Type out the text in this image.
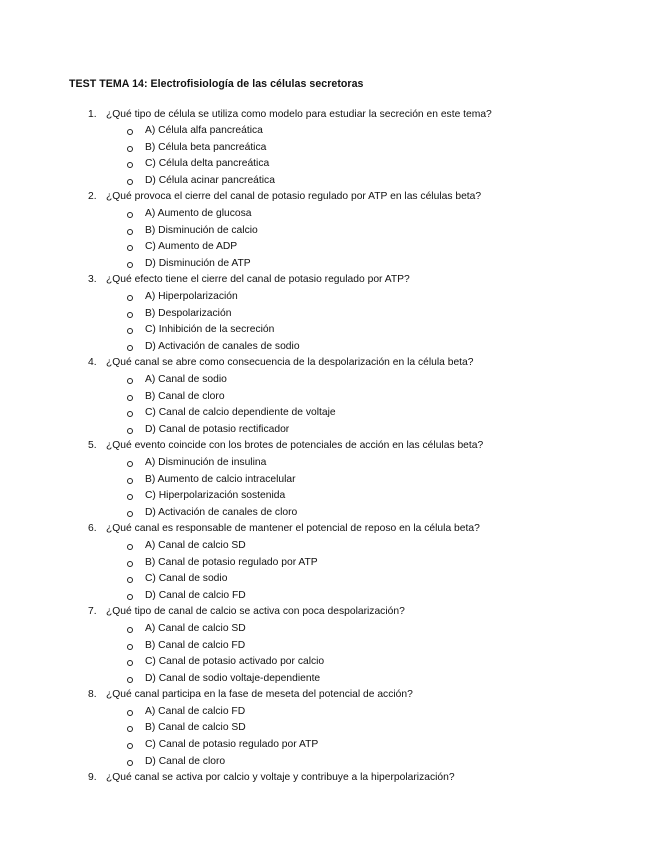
TEST TEMA 14: Electrofisiología de las células secretoras
1. ¿Qué tipo de célula se utiliza como modelo para estudiar la secreción en este tema?
A) Célula alfa pancreática
B) Célula beta pancreática
C) Célula delta pancreática
D) Célula acinar pancreática
2. ¿Qué provoca el cierre del canal de potasio regulado por ATP en las células beta?
A) Aumento de glucosa
B) Disminución de calcio
C) Aumento de ADP
D) Disminución de ATP
3. ¿Qué efecto tiene el cierre del canal de potasio regulado por ATP?
A) Hiperpolarización
B) Despolarización
C) Inhibición de la secreción
D) Activación de canales de sodio
4. ¿Qué canal se abre como consecuencia de la despolarización en la célula beta?
A) Canal de sodio
B) Canal de cloro
C) Canal de calcio dependiente de voltaje
D) Canal de potasio rectificador
5. ¿Qué evento coincide con los brotes de potenciales de acción en las células beta?
A) Disminución de insulina
B) Aumento de calcio intracelular
C) Hiperpolarización sostenida
D) Activación de canales de cloro
6. ¿Qué canal es responsable de mantener el potencial de reposo en la célula beta?
A) Canal de calcio SD
B) Canal de potasio regulado por ATP
C) Canal de sodio
D) Canal de calcio FD
7. ¿Qué tipo de canal de calcio se activa con poca despolarización?
A) Canal de calcio SD
B) Canal de calcio FD
C) Canal de potasio activado por calcio
D) Canal de sodio voltaje-dependiente
8. ¿Qué canal participa en la fase de meseta del potencial de acción?
A) Canal de calcio FD
B) Canal de calcio SD
C) Canal de potasio regulado por ATP
D) Canal de cloro
9. ¿Qué canal se activa por calcio y voltaje y contribuye a la hiperpolarización?
